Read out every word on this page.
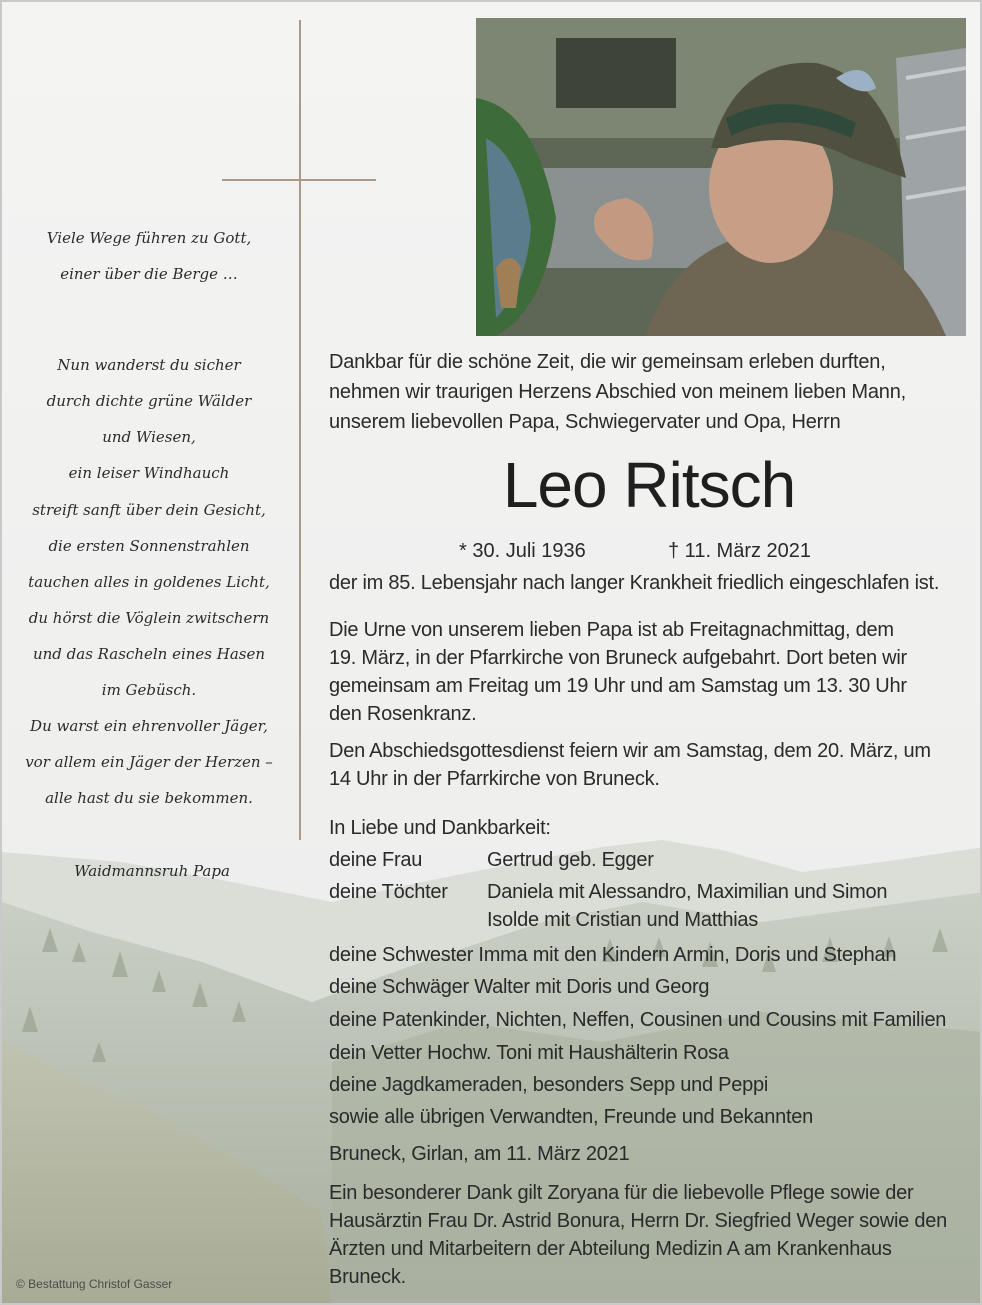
Viele Wege führen zu Gott,
einer über die Berge …
Nun wanderst du sicher
durch dichte grüne Wälder
und Wiesen,
ein leiser Windhauch
streift sanft über dein Gesicht,
die ersten Sonnenstrahlen
tauchen alles in goldenes Licht,
du hörst die Vöglein zwitschern
und das Rascheln eines Hasen
im Gebüsch.
Du warst ein ehrenvoller Jäger,
vor allem ein Jäger der Herzen –
alle hast du sie bekommen.
Waidmannsruh Papa
Dankbar für die schöne Zeit, die wir gemeinsam erleben durften,
nehmen wir traurigen Herzens Abschied von meinem lieben Mann,
unserem liebevollen Papa, Schwiegervater und Opa, Herrn
Leo Ritsch
* 30. Juli 1936	† 11. März 2021
der im 85. Lebensjahr nach langer Krankheit friedlich eingeschlafen ist.
Die Urne von unserem lieben Papa ist ab Freitagnachmittag, dem
19. März, in der Pfarrkirche von Bruneck aufgebahrt. Dort beten wir
gemeinsam am Freitag um 19 Uhr und am Samstag um 13. 30 Uhr
den Rosenkranz.
Den Abschiedsgottesdienst feiern wir am Samstag, dem 20. März, um
14 Uhr in der Pfarrkirche von Bruneck.
In Liebe und Dankbarkeit:
deine Frau	Gertrud geb. Egger
deine Töchter Daniela mit Alessandro, Maximilian und Simon
Isolde mit Cristian und Matthias
deine Schwester Imma mit den Kindern Armin, Doris und Stephan
deine Schwäger Walter mit Doris und Georg
deine Patenkinder, Nichten, Neffen, Cousinen und Cousins mit Familien
dein Vetter Hochw. Toni mit Haushälterin Rosa
deine Jagdkameraden, besonders Sepp und Peppi
sowie alle übrigen Verwandten, Freunde und Bekannten
Bruneck, Girlan, am 11. März 2021
Ein besonderer Dank gilt Zoryana für die liebevolle Pflege sowie der
Hausärztin Frau Dr. Astrid Bonura, Herrn Dr. Siegfried Weger sowie den
Ärzten und Mitarbeitern der Abteilung Medizin A am Krankenhaus
Bruneck.
© Bestattung Christof Gasser
